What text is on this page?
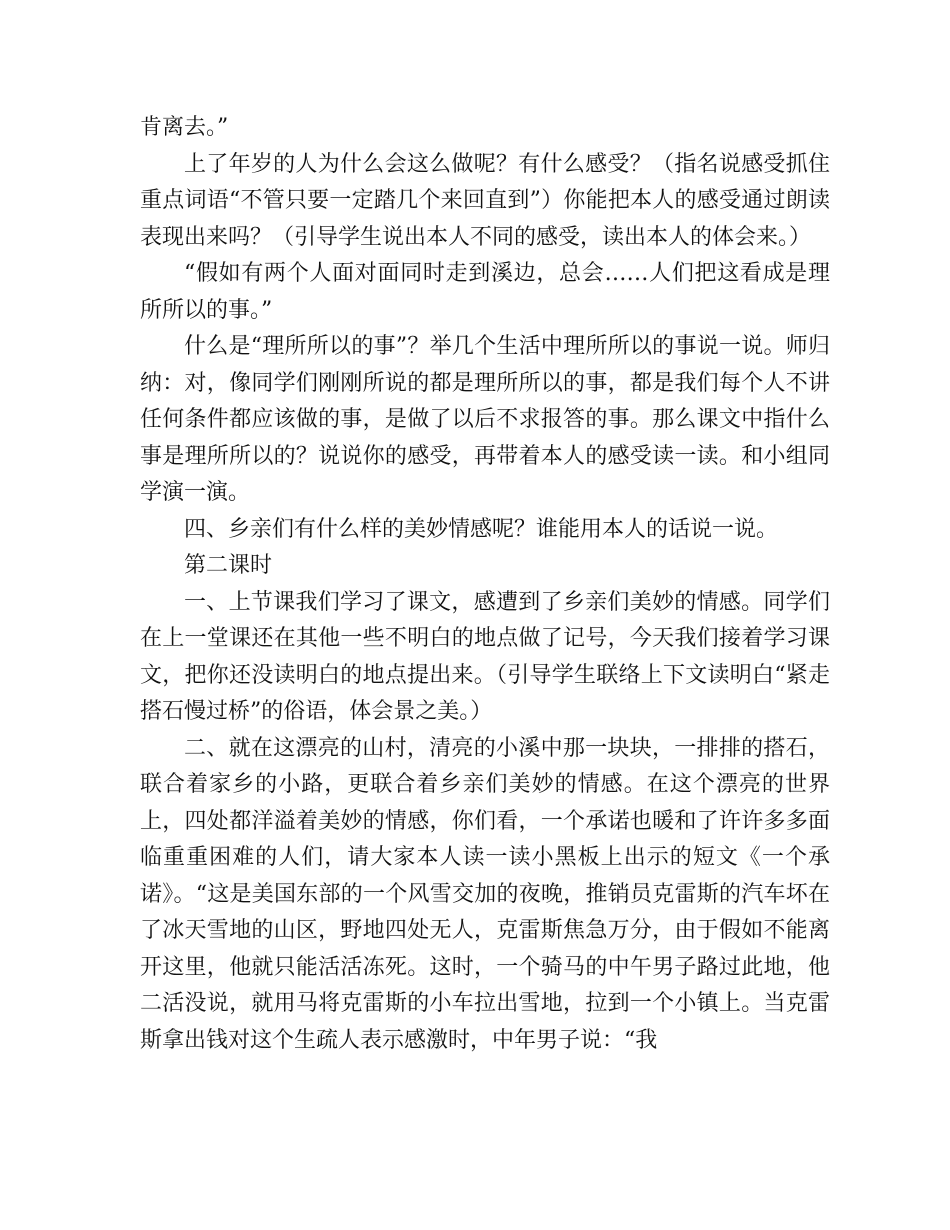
肯离去。”

上了年岁的人为什么会这么做呢？有什么感受？（指名说感受抓住重点词语“不管只要一定踏几个来回直到”）你能把本人的感受通过朗读表现出来吗？（引导学生说出本人不同的感受，读出本人的体会来。）

“假如有两个人面对面同时走到溪边，总会……人们把这看成是理所所以的事。”

什么是“理所所以的事”？举几个生活中理所所以的事说一说。师归纳：对，像同学们刚刚所说的都是理所所以的事，都是我们每个人不讲任何条件都应该做的事，是做了以后不求报答的事。那么课文中指什么事是理所所以的？说说你的感受，再带着本人的感受读一读。和小组同学演一演。

四、乡亲们有什么样的美妙情感呢？谁能用本人的话说一说。

第二课时

一、上节课我们学习了课文，感遭到了乡亲们美妙的情感。同学们在上一堂课还在其他一些不明白的地点做了记号，今天我们接着学习课文，把你还没读明白的地点提出来。（引导学生联络上下文读明白“紧走搭石慢过桥”的俗语，体会景之美。）

二、就在这漂亮的山村，清亮的小溪中那一块块，一排排的搭石，联合着家乡的小路，更联合着乡亲们美妙的情感。在这个漂亮的世界上，四处都洋溢着美妙的情感，你们看，一个承诺也暖和了许许多多面临重重困难的人们，请大家本人读一读小黑板上出示的短文《一个承诺》。“这是美国东部的一个风雪交加的夜晚，推销员克雷斯的汽车坏在了冰天雪地的山区，野地四处无人，克雷斯焦急万分，由于假如不能离开这里，他就只能活活冻死。这时，一个骑马的中午男子路过此地，他二活没说，就用马将克雷斯的小车拉出雪地，拉到一个小镇上。当克雷斯拿出钱对这个生疏人表示感激时，中年男子说：“我
